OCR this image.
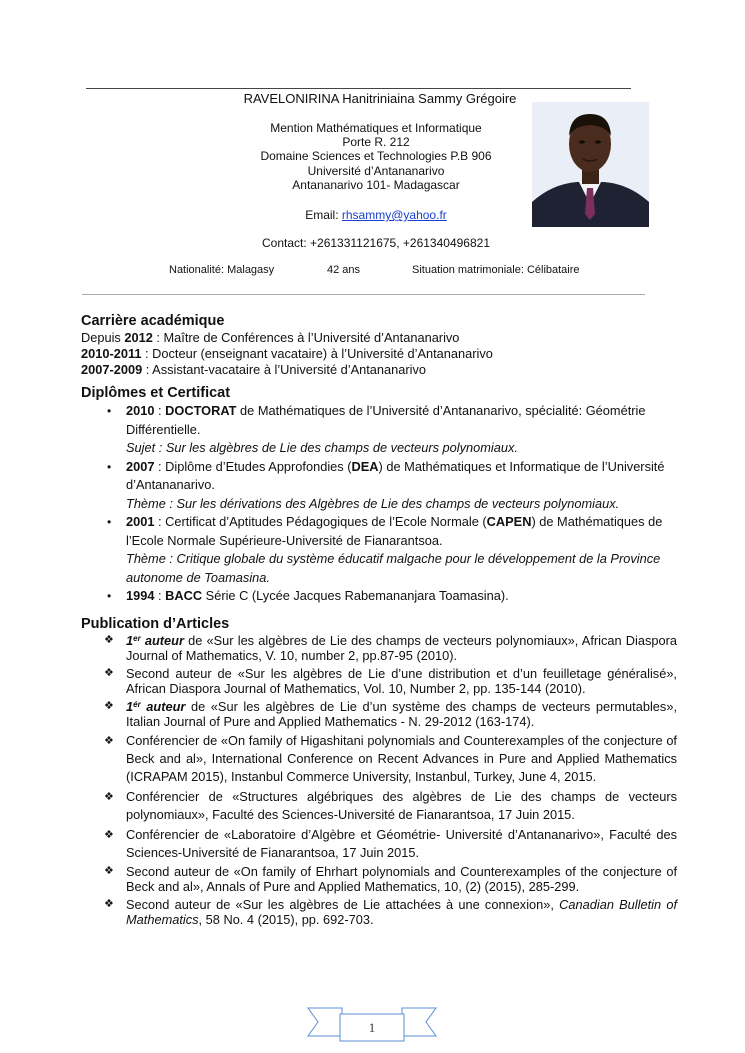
RAVELONIRINA Hanitriniaina Sammy Grégoire
Mention Mathématiques et Informatique
Porte R. 212
Domaine Sciences et Technologies P.B 906
Université d’Antananarivo
Antananarivo 101- Madagascar
Email: rhsammy@yahoo.fr
Contact: +261331121675, +261340496821
Nationalité: Malagasy	42 ans	Situation matrimoniale: Célibataire
Carrière académique

Depuis 2012 : Maître de Conférences à l’Université d’Antananarivo

2010-2011 : Docteur (enseignant vacataire) à l’Université d’Antananarivo

2007-2009 : Assistant-vacataire à l’Université d’Antananarivo

Diplômes et Certificat
• 2010 : DOCTORAT de Mathématiques de l’Université d’Antananarivo, spécialité: Géométrie Différentielle.
Sujet : Sur les algèbres de Lie des champs de vecteurs polynomiaux.
• 2007 : Diplôme d’Etudes Approfondies (DEA) de Mathématiques et Informatique de l’Université d’Antananarivo.
Thème : Sur les dérivations des Algèbres de Lie des champs de vecteurs polynomiaux.
• 2001 : Certificat d’Aptitudes Pédagogiques de l’Ecole Normale (CAPEN) de Mathématiques de l’Ecole Normale Supérieure-Université de Fianarantsoa.
Thème : Critique globale du système éducatif malgache pour le développement de la Province autonome de Toamasina.
• 1994 : BACC Série C (Lycée Jacques Rabemananjara Toamasina).
Publication d’Articles
❖ 1er auteur de «Sur les algèbres de Lie des champs de vecteurs polynomiaux», African Diaspora Journal of Mathematics, V. 10, number 2, pp.87-95 (2010).
❖ Second auteur de «Sur les algèbres de Lie d’une distribution et d’un feuilletage généralisé», African Diaspora Journal of Mathematics, Vol. 10, Number 2, pp. 135-144 (2010).
❖ $1^{ér}$ auteur de «Sur les algèbres de Lie d’un système des champs de vecteurs permutables», Italian Journal of Pure and Applied Mathematics - N. 29-2012 (163-174).
❖ Conférencier de «On family of Higashitani polynomials and Counterexamples of the conjecture of Beck and al», International Conference on Recent Advances in Pure and Applied Mathematics (ICRAPAM 2015), Instanbul Commerce University, Instanbul, Turkey, June 4, 2015.
❖ Conférencier de «Structures algébriques des algèbres de Lie des champs de vecteurs polynomiaux», Faculté des Sciences-Université de Fianarantsoa, 17 Juin 2015.
❖ Conférencier de «Laboratoire d’Algèbre et Géométrie- Université d’Antananarivo», Faculté des Sciences-Université de Fianarantsoa, 17 Juin 2015.
❖ Second auteur de «On family of Ehrhart polynomials and Counterexamples of the conjecture of Beck and al», Annals of Pure and Applied Mathematics, 10, (2) (2015), 285-299.
❖ Second auteur de «Sur les algèbres de Lie attachées à une connexion», Canadian Bulletin of Mathematics, 58 No. 4 (2015), pp. 692-703.
1
